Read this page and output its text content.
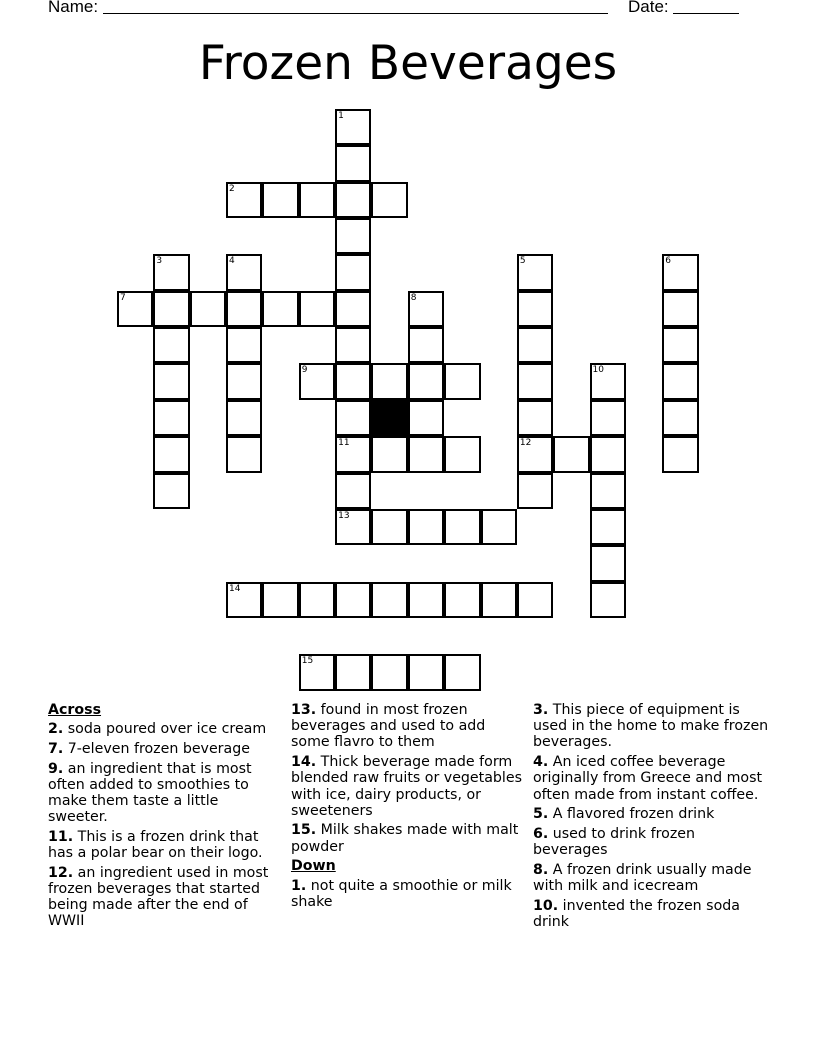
Name:	Date:
Frozen Beverages
1
2
3	4	5	6
7	8
9	10
11	12
13
14
15
Across
2. soda poured over ice cream
7. 7-eleven frozen beverage
9. an ingredient that is most often added to smoothies to make them taste a little sweeter.
11. This is a frozen drink that has a polar bear on their logo.
12. an ingredient used in most frozen beverages that started being made after the end of WWII
13. found in most frozen beverages and used to add some flavro to them
14. Thick beverage made form blended raw fruits or vegetables with ice, dairy products, or sweeteners
15. Milk shakes made with malt powder
Down
1. not quite a smoothie or milk shake
3. This piece of equipment is used in the home to make frozen beverages.
4. An iced coffee beverage originally from Greece and most often made from instant coffee.
5. A flavored frozen drink
6. used to drink frozen beverages
8. A frozen drink usually made with milk and icecream
10. invented the frozen soda drink
